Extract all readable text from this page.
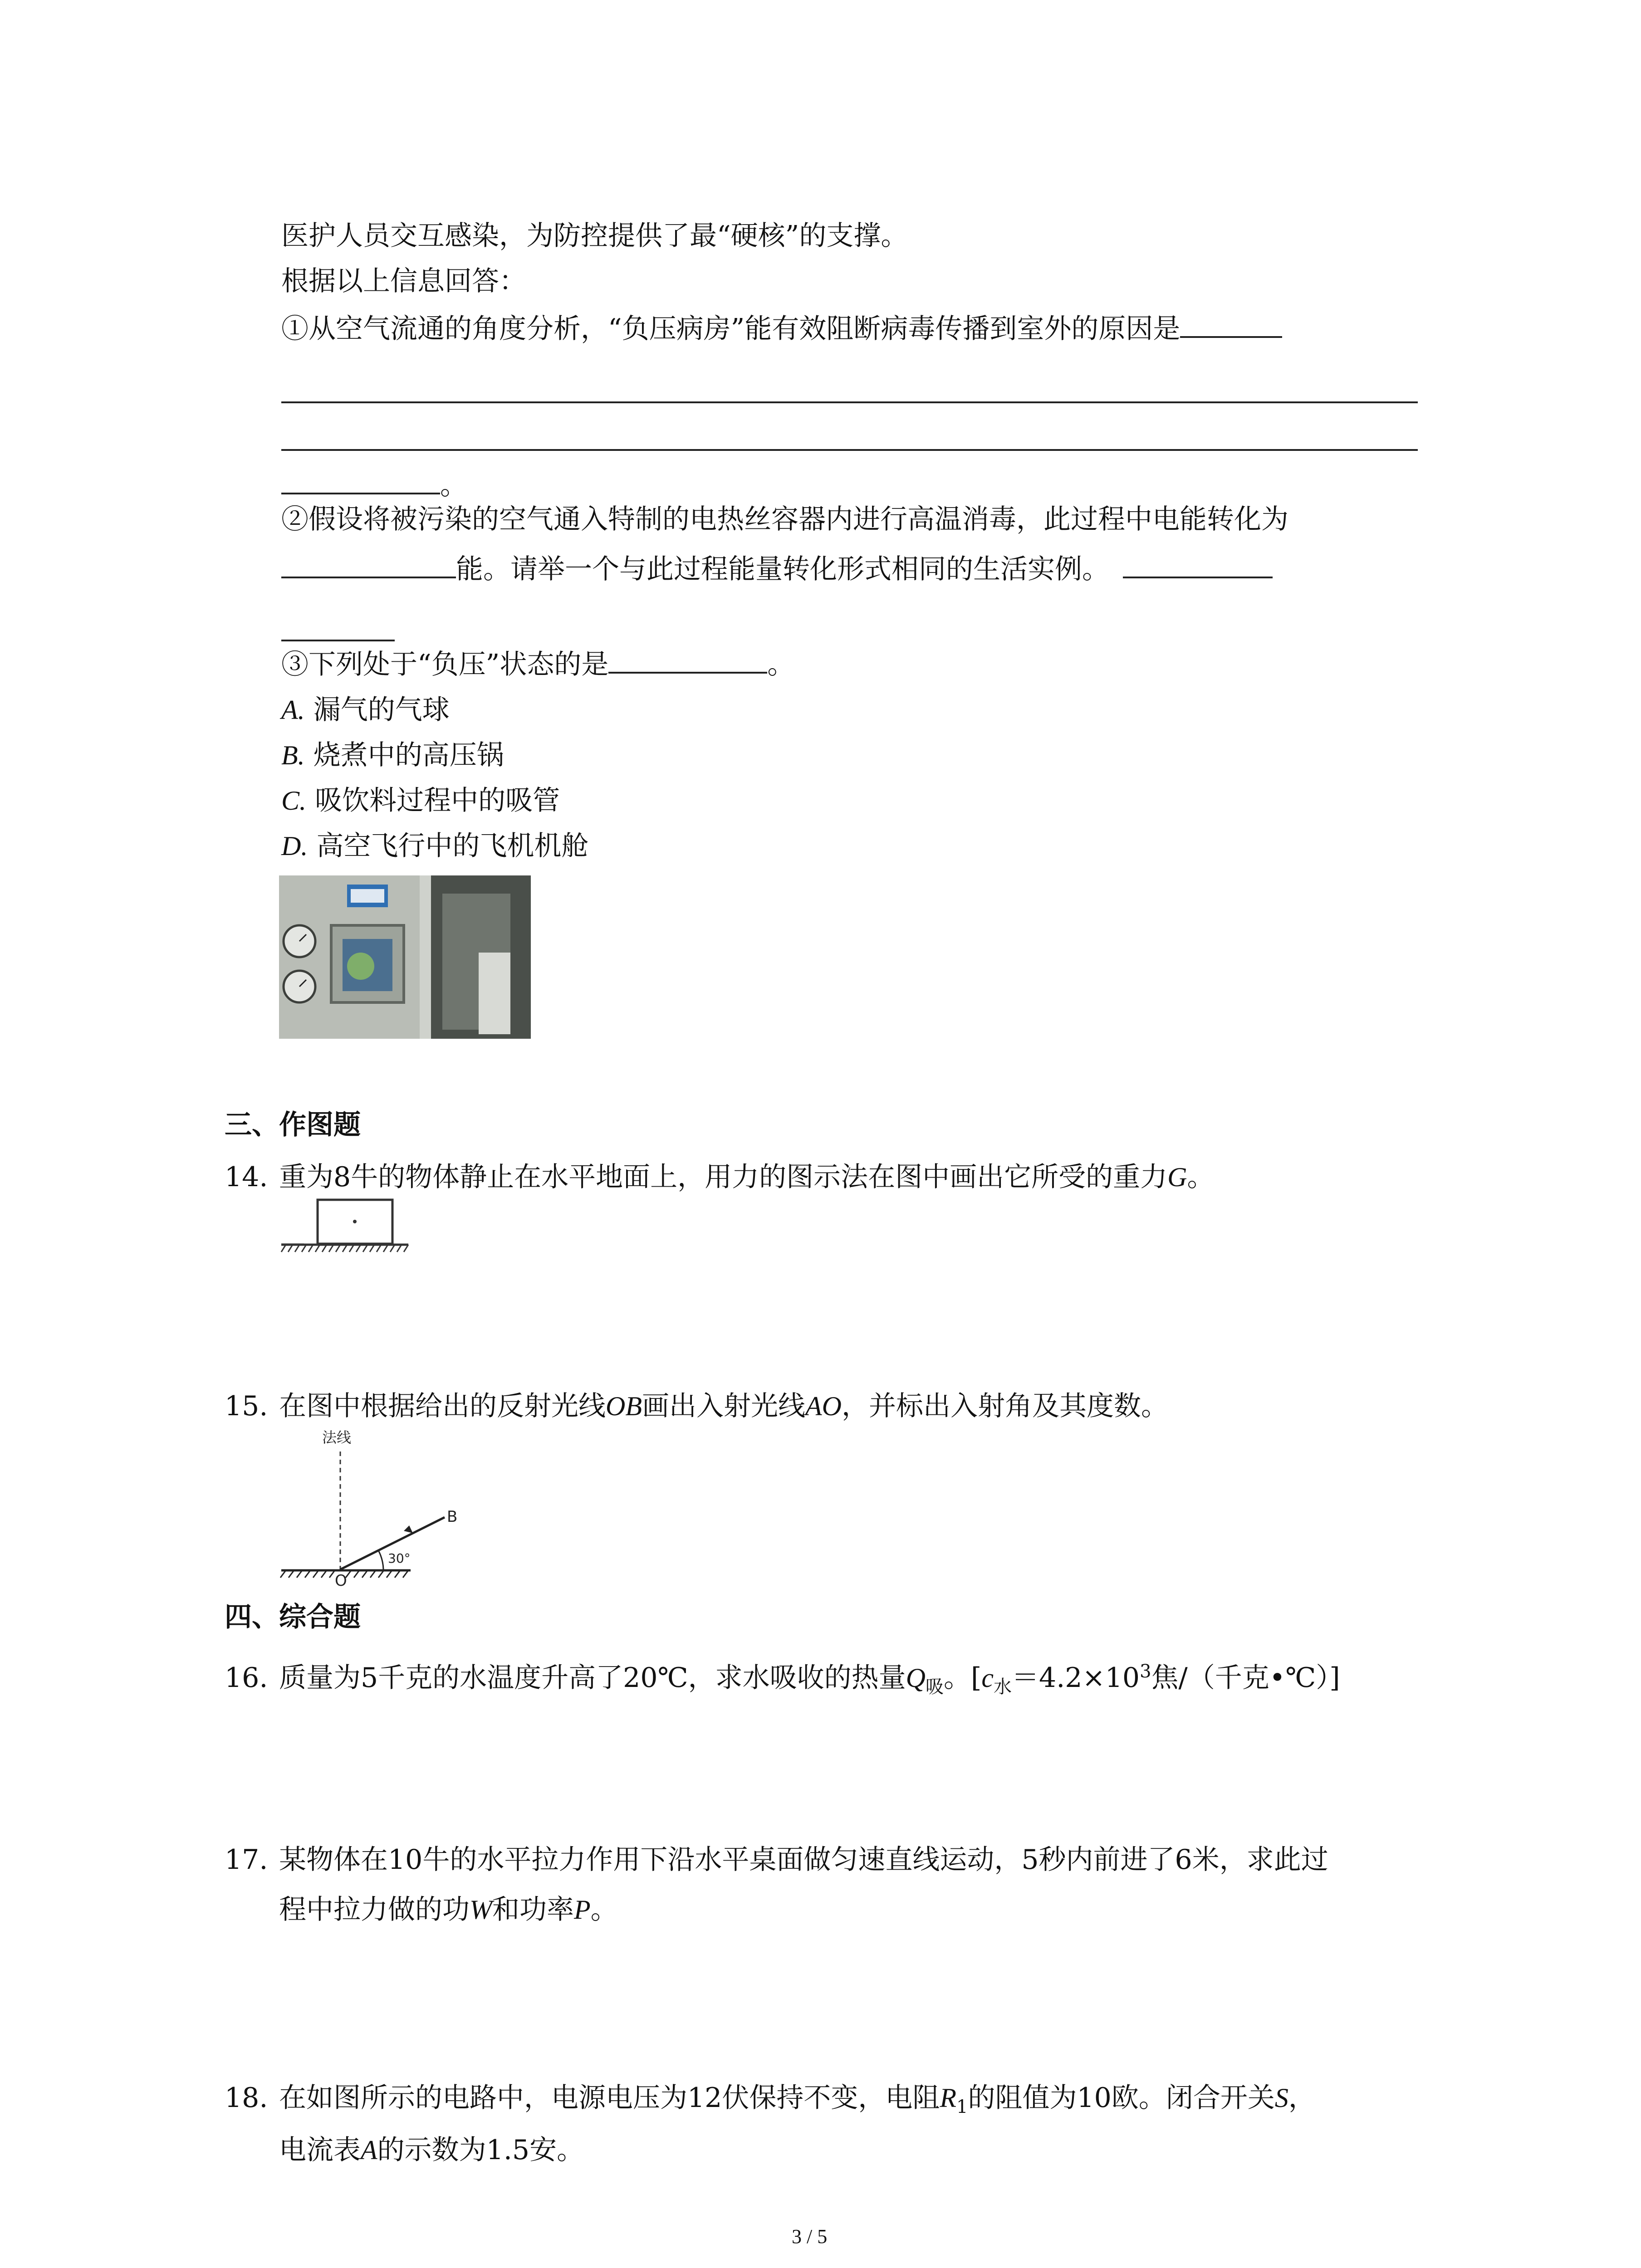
医护人员交互感染，为防控提供了最“硬核”的支撑。
根据以上信息回答：
①从空气流通的角度分析，“负压病房”能有效阻断病毒传播到室外的原因是
。
②假设将被污染的空气通入特制的电热丝容器内进行高温消毒，此过程中电能转化为
能。请举一个与此过程能量转化形式相同的生活实例。
③下列处于“负压”状态的是	。
A. 漏气的气球
B. 烧煮中的高压锅
C. 吸饮料过程中的吸管
D. 高空飞行中的飞机机舱
三、作图题
14. 重为8牛的物体静止在水平地面上，用力的图示法在图中画出它所受的重力G。
15. 在图中根据给出的反射光线OB画出入射光线AO，并标出入射角及其度数。
法线
B
30°
O
四、综合题
16. 质量为5千克的水温度升高了20℃，求水吸收的热量$Q_吸$。[$c_水=4.2\times 10^3$焦/（千克•℃）]
17. 某物体在10牛的水平拉力作用下沿水平桌面做匀速直线运动，5秒内前进了6米，求此过
程中拉力做的功W和功率P。
18. 在如图所示的电路中，电源电压为12伏保持不变，电阻$R_1$的阻值为10欧。闭合开关S，
电流表A的示数为1.5安。
3 / 5
